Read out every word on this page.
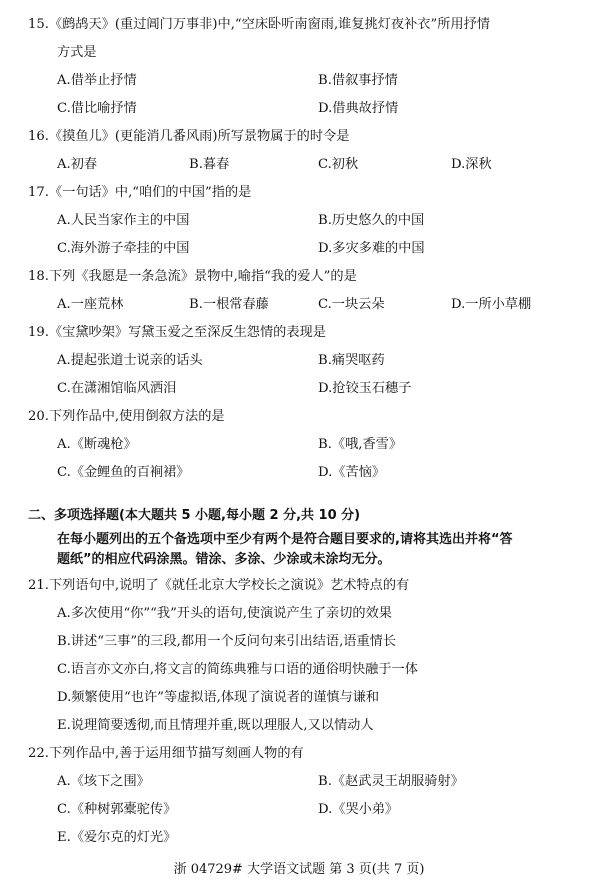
15.《鹧鸪天》(重过阊门万事非)中,“空床卧听南窗雨,谁复挑灯夜补衣”所用抒情
方式是
A.借举止抒情	B.借叙事抒情
C.借比喻抒情	D.借典故抒情
16.《摸鱼儿》(更能消几番风雨)所写景物属于的时令是
A.初春	B.暮春	C.初秋	D.深秋
17.《一句话》中,“咱们的中国”指的是
A.人民当家作主的中国	B.历史悠久的中国
C.海外游子牵挂的中国	D.多灾多难的中国
18.下列《我愿是一条急流》景物中,喻指“我的爱人”的是
A.一座荒林	B.一根常春藤	C.一块云朵	D.一所小草棚
19.《宝黛吵架》写黛玉爱之至深反生怨情的表现是
A.提起张道士说亲的话头	B.痛哭呕药
C.在潇湘馆临风洒泪	D.抢铰玉石穗子
20.下列作品中,使用倒叙方法的是
A.《断魂枪》	B.《哦,香雪》
C.《金鲤鱼的百裥裙》	D.《苦恼》
二、多项选择题(本大题共 5 小题,每小题 2 分,共 10 分)
在每小题列出的五个备选项中至少有两个是符合题目要求的,请将其选出并将“答
题纸”的相应代码涂黑。错涂、多涂、少涂或未涂均无分。
21.下列语句中,说明了《就任北京大学校长之演说》艺术特点的有
A.多次使用“你”“我”开头的语句,使演说产生了亲切的效果
B.讲述“三事”的三段,都用一个反问句来引出结语,语重情长
C.语言亦文亦白,将文言的简练典雅与口语的通俗明快融于一体
D.频繁使用“也许”等虚拟语,体现了演说者的谨慎与谦和
E.说理简要透彻,而且情理并重,既以理服人,又以情动人
22.下列作品中,善于运用细节描写刻画人物的有
A.《垓下之围》	B.《赵武灵王胡服骑射》
C.《种树郭橐驼传》	D.《哭小弟》
E.《爱尔克的灯光》
浙 04729# 大学语文试题 第 3 页(共 7 页)
